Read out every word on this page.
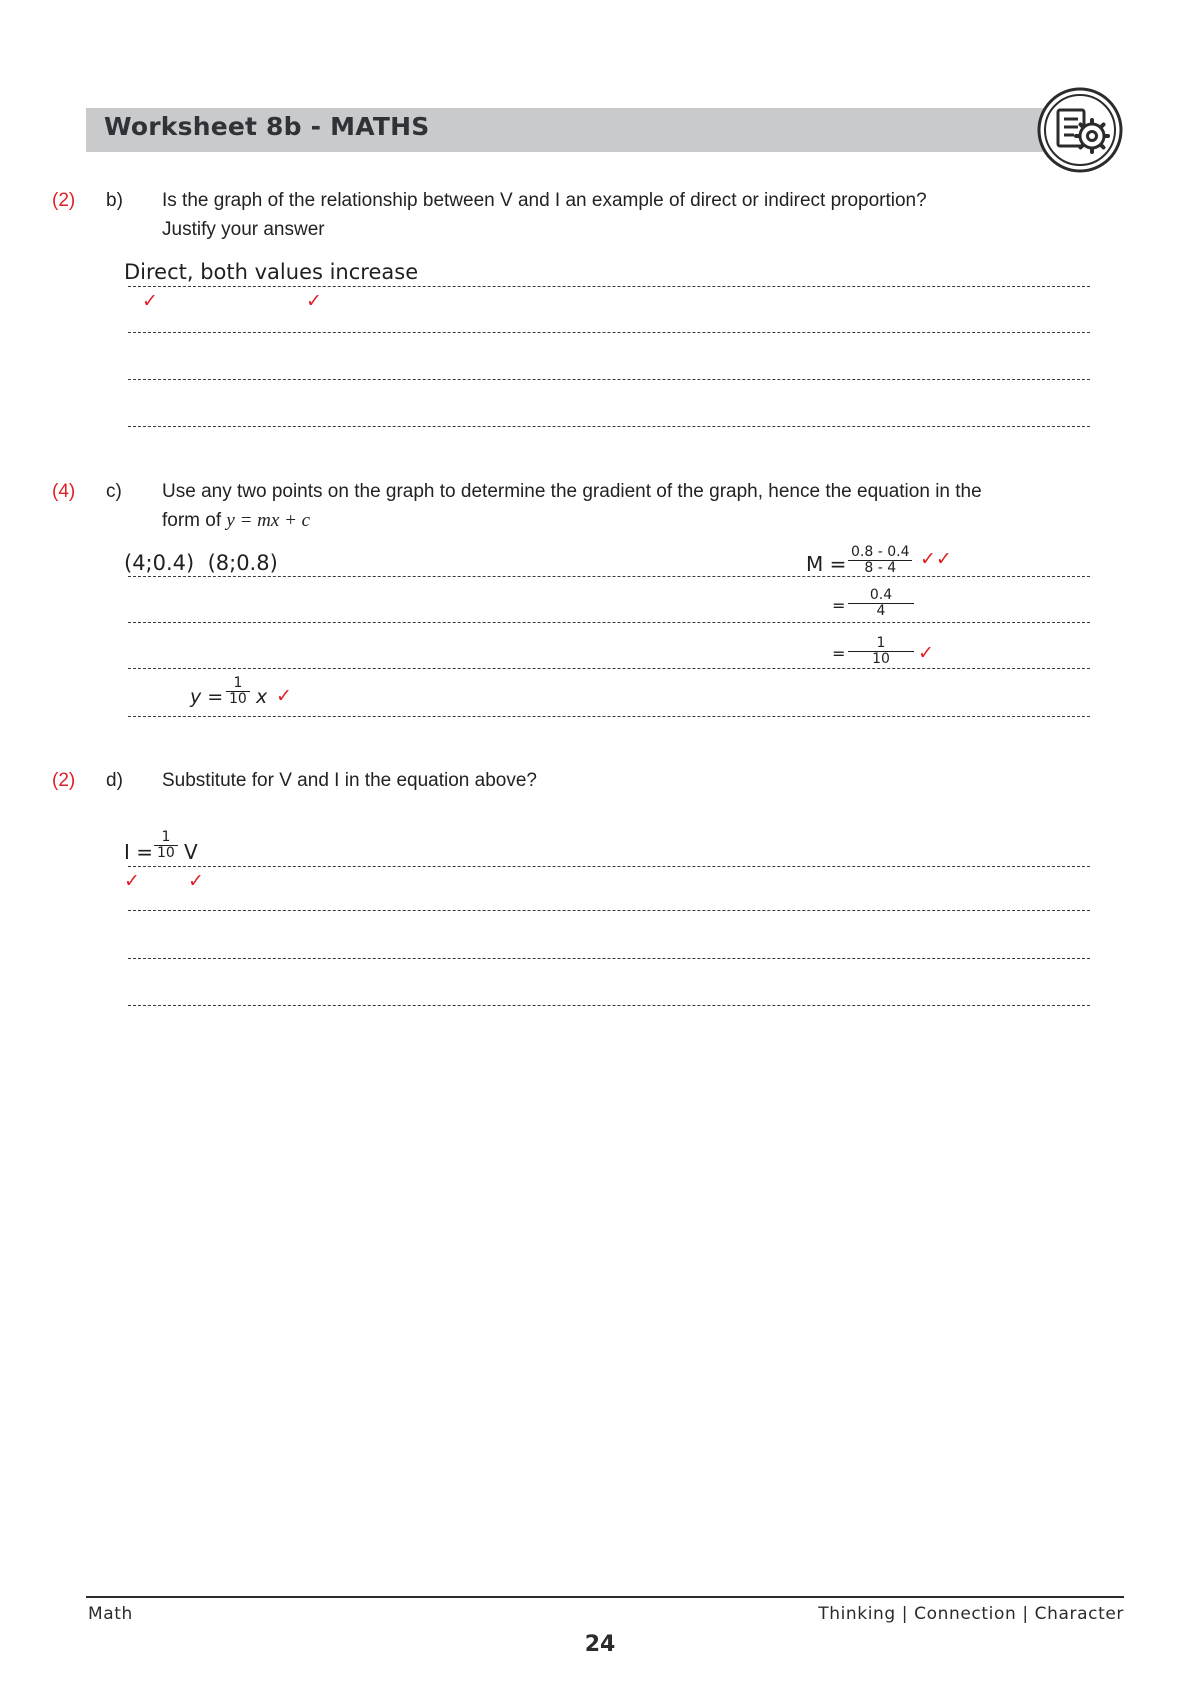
Worksheet 8b - MATHS
(2) b) Is the graph of the relationship between V and I an example of direct or indirect proportion?
Justify your answer
Direct, both values increase
✓	✓
(4) c) Use any two points on the graph to determine the gradient of the graph, hence the equation in the
form of y = mx + c
(4;0.4)  (8;0.8)	M = 0.8 - 0.4
8 - 4 ✓✓
=
0.4
4
=
1
10 ✓
y =
1
10 x ✓
(2) d) Substitute for V and I in the equation above?
I =
1
10 V
✓	✓
Math	Thinking | Connection | Character
24
